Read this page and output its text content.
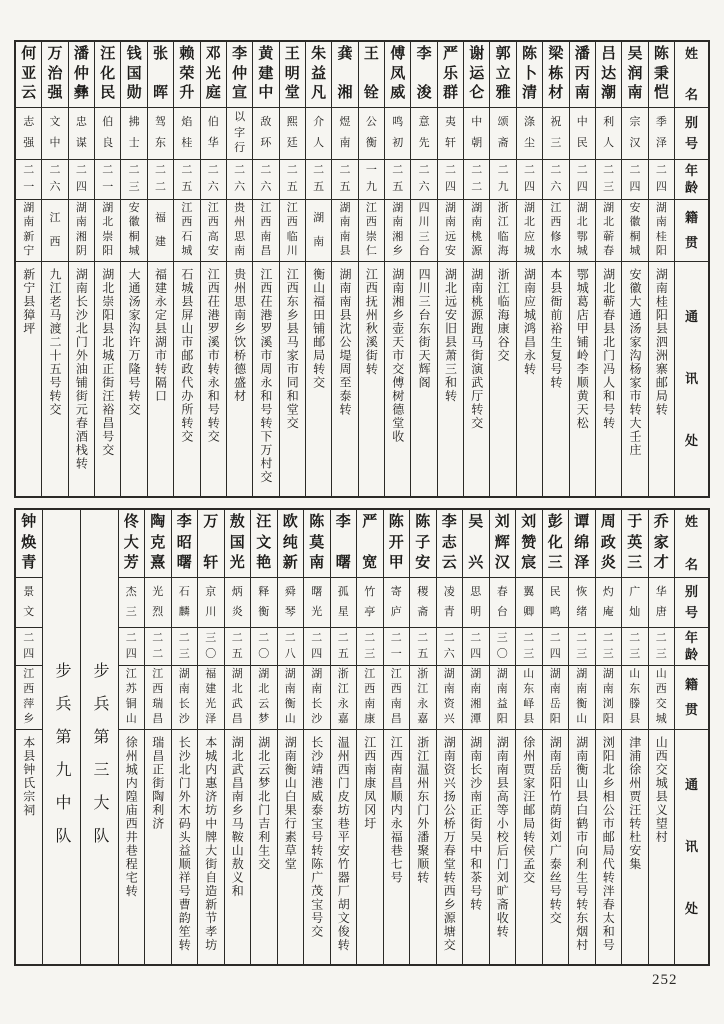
姓
名
别
号
年
龄
籍
贯
通
讯
处
陈
秉
恺
季
泽
二
四
湖
南
桂
阳
湖南桂阳县泗洲寨邮局转
吴
润
南
宗
汉
二
四
安
徽
桐
城
安徽大通汤家沟杨家市转大壬庄
吕
达
潮
利
人
二
三
湖
北
蕲
春
湖北蕲春县北门冯人和号转
潘
丙
南
中
民
二
四
湖
北
鄂
城
鄂城葛店甲铺岭李顺黄天松
梁
栋
材
祝
三
二
六
江
西
修
水
本县衙前裕生复号转
陈
卜
清
涤
尘
二
四
湖
北
应
城
湖南应城鸿昌永转
郭
立
雅
颂
斋
二
九
浙
江
临
海
浙江临海康谷交
谢
运
仑
中
朝
二
二
湖
南
桃
源
湖南桃源跑马街演武厅转交
严
乐
群
夷
轩
二
四
湖
南
远
安
湖北远安旧县萧三和转
李
浚
意
先
二
六
四
川
三
台
四川三台东街天辉阁
傅
凤
威
鸣
初
二
五
湖
南
湘
乡
湖南湘乡壶天市交傅树德堂收
王
铨
公
衡
一
九
江
西
崇
仁
江西抚州秋溪街转
龚
湘
煜
南
二
五
湖
南
南
县
湖南南县沈公堤周至泰转
朱
益
凡
介
人
二
五
湖
南
衡山福田铺邮局转交
王
明
堂
熙
廷
二
五
江
西
临
川
江西东乡县马家市同和堂交
黄
建
中
敌
环
二
六
江
西
南
昌
江西茌港罗溪市周永和号转下万村交
李
仲
宣
以
字
行
二
六
贵
州
思
南
贵州思南乡饮桥德盛材
邓
光
庭
伯
华
二
六
江
西
高
安
江西茌港罗溪市转永和号转交
赖
荣
升
焰
桂
二
五
江
西
石
城
石城县屏山市邮政代办所转交
张
晖
驾
东
二
二
福
建
福建永定县湖市转隔口
钱
国
勋
拂
士
二
三
安
徽
桐
城
大通汤家沟许万隆号转交
汪
化
民
伯
良
二
一
湖
北
崇
阳
湖北崇阳县北城正街汪裕昌号交
潘
仲
彝
忠
谋
二
四
湖
南
湘
阴
湖南长沙北门外油铺街元春酒栈转
万
治
强
文
中
二
六
江
西
九江老马渡二十五号转交
何
亚
云
志
强
二
一
湖
南
新
宁
新宁县獐坪
姓
名
别
号
年
龄
籍
贯
通
讯
处
乔
家
才
华
唐
二
三
山
西
交
城
山西交城县义望村
于
英
三
广
灿
二
三
山
东
滕
县
津浦徐州贾汪转杜安集
周
政
炎
灼
庵
二
三
湖
南
浏
阳
浏阳北乡相公市邮局代转泮春太和号
谭
绵
泽
恢
绪
二
三
湖
南
衡
山
湖南衡山县白鹤市向利生号转东烟村
彭
化
三
民
鸣
二
四
湖
南
岳
阳
湖南岳阳竹荫街刘广泰丝号转交
刘
赞
宸
翼
卿
二
三
山
东
峄
县
徐州贾家汪邮局转侯孟交
刘
辉
汉
春
台
三
〇
湖
南
益
阳
湖南南县高等小校后门刘旷斋收转
吴
兴
思
明
二
四
湖
南
湘
潭
湖南长沙南正街吴中和茶号转
李
志
云
凌
青
二
六
湖
南
资
兴
湖南资兴扬公桥万春堂转西乡源塘交
陈
子
安
稷
斋
二
五
浙
江
永
嘉
浙江温州东门外潘聚顺转
陈
开
甲
寄
庐
二
一
江
西
南
昌
江西南昌顺内永福巷七号
严
宽
竹
亭
二
三
江
西
南
康
江西南康凤冈圩
李
曙
孤
星
二
五
浙
江
永
嘉
温州西门皮坊巷平安竹器厂胡文俊转
陈
莫
南
曙
光
二
四
湖
南
长
沙
长沙靖港威泰宝号转陈广茂宝号交
欧
纯
新
舜
琴
二
八
湖
南
衡
山
湖南衡山白果行素草堂
汪
文
艳
释
衡
二
〇
湖
北
云
梦
湖北云梦北门吉利生交
敖
国
光
炳
炎
二
五
湖
北
武
昌
湖北武昌南乡马鞍山敖义和
万
轩
京
川
三
〇
福
建
光
泽
本城内惠济坊中牌大街自造新节孝坊
李
昭
曙
石
麟
二
三
湖
南
长
沙
长沙北门外木码头益顺祥号曹韵笙转
陶
克
熹
光
烈
二
二
江
西
瑞
昌
瑞昌正街陶利济
佟
大
芳
杰
三
二
四
江
苏
铜
山
徐州城内隍庙西井巷程宅转
步兵第三大队
步兵第九中队
钟
焕
青
景
文
二
四
江
西
萍
乡
本县钟氏宗祠
252
